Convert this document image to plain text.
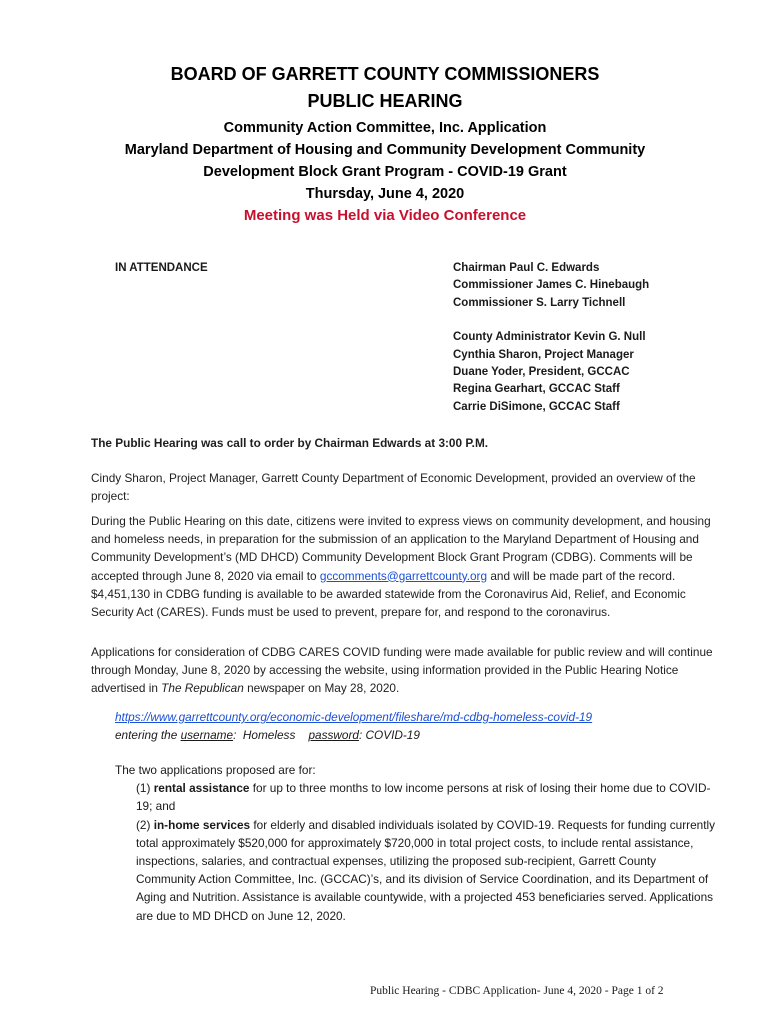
BOARD OF GARRETT COUNTY COMMISSIONERS
PUBLIC HEARING
Community Action Committee, Inc. Application
Maryland Department of Housing and Community Development Community
Development Block Grant Program - COVID-19 Grant
Thursday, June 4, 2020
Meeting was Held via Video Conference
IN ATTENDANCE	Chairman Paul C. Edwards
Commissioner James C. Hinebaugh
Commissioner S. Larry Tichnell
County Administrator Kevin G. Null
Cynthia Sharon, Project Manager
Duane Yoder, President, GCCAC
Regina Gearhart, GCCAC Staff
Carrie DiSimone, GCCAC Staff
The Public Hearing was call to order by Chairman Edwards at 3:00 P.M.
Cindy Sharon, Project Manager, Garrett County Department of Economic Development, provided an overview of the project:
During the Public Hearing on this date, citizens were invited to express views on community development, and housing and homeless needs, in preparation for the submission of an application to the Maryland Department of Housing and Community Development’s (MD DHCD) Community Development Block Grant Program (CDBG). Comments will be accepted through June 8, 2020 via email to gccomments@garrettcounty.org and will be made part of the record. $4,451,130 in CDBG funding is available to be awarded statewide from the Coronavirus Aid, Relief, and Economic Security Act (CARES). Funds must be used to prevent, prepare for, and respond to the coronavirus.
Applications for consideration of CDBG CARES COVID funding were made available for public review and will continue through Monday, June 8, 2020 by accessing the website, using information provided in the Public Hearing Notice advertised in The Republican newspaper on May 28, 2020.
https://www.garrettcounty.org/economic-development/fileshare/md-cdbg-homeless-covid-19
entering the username:  Homeless    password: COVID-19
The two applications proposed are for:
(1) rental assistance for up to three months to low income persons at risk of losing their home due to COVID-19; and
(2) in-home services for elderly and disabled individuals isolated by COVID-19. Requests for funding currently total approximately $520,000 for approximately $720,000 in total project costs, to include rental assistance, inspections, salaries, and contractual expenses, utilizing the proposed sub-recipient, Garrett County Community Action Committee, Inc. (GCCAC)’s, and its division of Service Coordination, and its Department of Aging and Nutrition. Assistance is available countywide, with a projected 453 beneficiaries served. Applications are due to MD DHCD on June 12, 2020.
Public Hearing - CDBC Application- June 4, 2020 - Page 1 of 2
